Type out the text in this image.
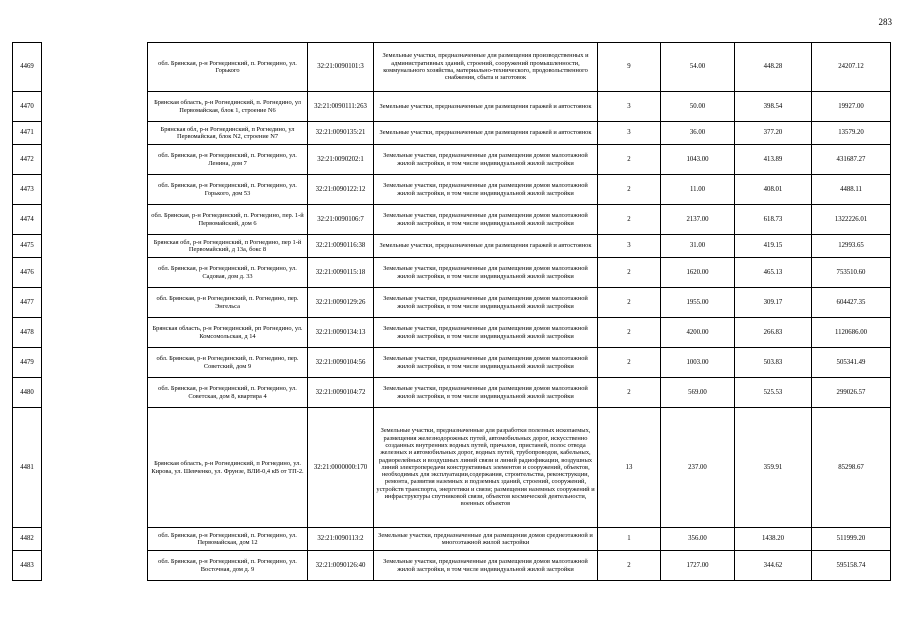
283
4469		обл. Брянская, р-н Рогнединский, п. Рогнедино, ул. Горького	32:21:0090101:3	Земельные участки, предназначенные для размещения производственных и административных зданий, строений, сооружений промышленности, коммунального хозяйства, материально-технического, продовольственного снабжения, сбыта и заготовок	9	54.00	448.28	24207.12
4470		Брянская область, р-н Рогнединский, п. Рогнедино, ул Первомайская, блок 1, строение N6	32:21:0090111:263	Земельные участки, предназначенные для размещения гаражей и автостоянок	3	50.00	398.54	19927.00
4471		Брянская обл, р-н Рогнединский, п Рогнедино, ул Первомайская, блок N2, строение N7	32:21:0090135:21	Земельные участки, предназначенные для размещения гаражей и автостоянок	3	36.00	377.20	13579.20
4472		обл. Брянская, р-н Рогнединский, п. Рогнедино, ул. Ленина, дом 7	32:21:0090202:1	Земельные участки, предназначенные для размещения домов малоэтажной жилой застройки, в том числе индивидуальной жилой застройки	2	1043.00	413.89	431687.27
4473		обл. Брянская, р-н Рогнединский, п. Рогнедино, ул. Горького, дом 53	32:21:0090122:12	Земельные участки, предназначенные для размещения домов малоэтажной жилой застройки, в том числе индивидуальной жилой застройки	2	11.00	408.01	4488.11
4474		обл. Брянская, р-н Рогнединский, п. Рогнедино, пер. 1-й Первомайский, дом 6	32:21:0090106:7	Земельные участки, предназначенные для размещения домов малоэтажной жилой застройки, в том числе индивидуальной жилой застройки	2	2137.00	618.73	1322226.01
4475		Брянская обл, р-н Рогнединский, п Рогнедино, пер 1-й Первомайский, д 13а, бокс 8	32:21:0090116:38	Земельные участки, предназначенные для размещения гаражей и автостоянок	3	31.00	419.15	12993.65
4476		обл. Брянская, р-н Рогнединский, п. Рогнедино, ул. Садовая, дом д. 33	32:21:0090115:18	Земельные участки, предназначенные для размещения домов малоэтажной жилой застройки, в том числе индивидуальной жилой застройки	2	1620.00	465.13	753510.60
4477		обл. Брянская, р-н Рогнединский, п. Рогнедино, пер. Энгельса	32:21:0090129:26	Земельные участки, предназначенные для размещения домов малоэтажной жилой застройки, в том числе индивидуальной жилой застройки	2	1955.00	309.17	604427.35
4478		Брянская область, р-н Рогнединский, рп Рогнедино, ул. Комсомольская, д 14	32:21:0090134:13	Земельные участки, предназначенные для размещения домов малоэтажной жилой застройки, в том числе индивидуальной жилой застройки	2	4200.00	266.83	1120686.00
4479		обл. Брянская, р-н Рогнединский, п. Рогнедино, пер. Советский, дом 9	32:21:0090104:56	Земельные участки, предназначенные для размещения домов малоэтажной жилой застройки, в том числе индивидуальной жилой застройки	2	1003.00	503.83	505341.49
4480		обл. Брянская, р-н Рогнединский, п. Рогнедино, ул. Советская, дом 8, квартира 4	32:21:0090104:72	Земельные участки, предназначенные для размещения домов малоэтажной жилой застройки, в том числе индивидуальной жилой застройки	2	569.00	525.53	299026.57
4481		Брянская область, р-н Рогнединский, п Рогнедино, ул. Кирова, ул. Шевченко, ул. Фрунзе, ВЛИ-0,4 кВ от ТП-2.	32:21:0000000:170	Земельные участки, предназначенные для разработки полезных ископаемых, размещения железнодорожных путей, автомобильных дорог, искусственно созданных внутренних водных путей, причалов, пристаней, полос отвода железных и автомобильных дорог, водных путей, трубопроводов, кабельных, радиорелейных и воздушных линий связи и линий радиофикации, воздушных линий электропередачи конструктивных элементов и сооружений, объектов, необходимых для эксплуатации,содержания, строительства, реконструкции, ремонта, развития наземных и подземных зданий, строений, сооружений, устройств транспорта, энергетики и связи; размещения наземных сооружений и инфраструктуры спутниковой связи, объектов космической деятельности, военных объектов	13	237.00	359.91	85298.67
4482		обл. Брянская, р-н Рогнединский, п. Рогнедино, ул. Первомайская, дом 12	32:21:0090113:2	Земельные участки, предназначенные для размещения домов среднеэтажной и многоэтажной жилой застройки	1	356.00	1438.20	511999.20
4483		обл. Брянская, р-н Рогнединский, п. Рогнедино, ул. Восточная, дом д. 9	32:21:0090126:40	Земельные участки, предназначенные для размещения домов малоэтажной жилой застройки, в том числе индивидуальной жилой застройки	2	1727.00	344.62	595158.74
